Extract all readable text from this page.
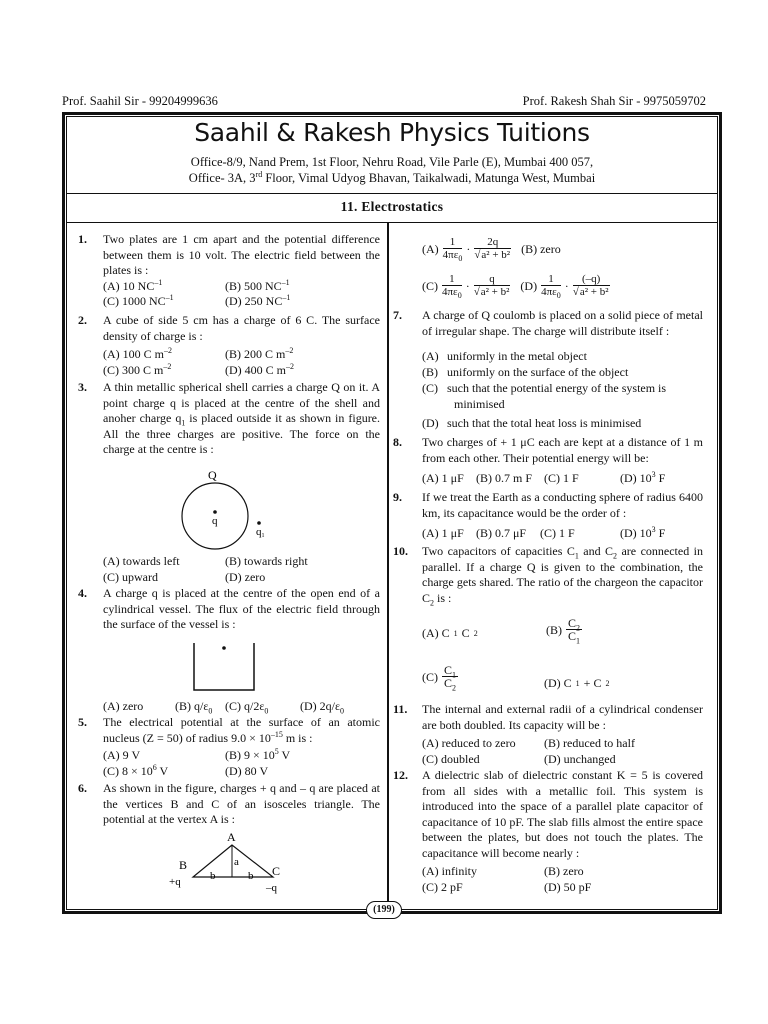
Prof. Saahil Sir - 99204999636	Prof. Rakesh Shah Sir - 9975059702
Saahil & Rakesh Physics Tuitions
Office-8/9, Nand Prem, 1st Floor, Nehru Road, Vile Parle (E), Mumbai 400 057,
Office- 3A, 3rd Floor, Vimal Udyog Bhavan, Taikalwadi, Matunga West, Mumbai
11. Electrostatics
1. Two plates are 1 cm apart and the potential difference between them is 10 volt. The electric field between the plates is :
(A) 10 $NC^{-1}$	(B) 500 $NC^{-1}$
(C) 1000 $NC^{-1}$	(D) 250 $NC^{-1}$
2. A cube of side 5 cm has a charge of 6 C. The surface density of charge is :
(A) 100 C $m^{-2}$	(B) 200 C $m^{-2}$
(C) 300 C $m^{-2}$	(D) 400 C $m^{-2}$
3. A thin metallic spherical shell carries a charge Q on it. A point charge q is placed at the centre of the shell and anoher charge $q_1$ is placed outside it as shown in figure. All the three charges are positive. The force on the charge at the centre is :
Q
q
q1
(A) towards left	(B) towards right
(C) upward	(D) zero
4. A charge q is placed at the centre of the open end of a cylindrical vessel. The flux of the electric field through the surface of the vessel is :
(A) zero	(B) $q/\varepsilon_0$ (C) $q/2\varepsilon_0$	(D) $2q/\varepsilon_0$
5. The electrical potential at the surface of an atomic nucleus (Z = 50) of radius $9.0 \times 10^{-15}$ m is :
(A) 9 V	(B) $9 \times 10^5$ V
(C) $8 \times 10^6$ V	(D) 80 V
6. As shown in the figure, charges + q and – q are placed at the vertices B and C of an isosceles triangle. The potential at the vertex A is :
A
a
b	b
B	C
+q	–q
$(A) \frac{1}{4\pi\varepsilon_0} \cdot \frac{2q}{\text{√a² + b²}} (B)$ zero
$(C) \frac{1}{4\pi\varepsilon_0} \cdot \frac{q}{\text{√a² + b²}} (D) \frac{1}{4\pi\varepsilon_0} \cdot \frac{(-q)}{\text{√a² + b²}}$
7. A charge of Q coulomb is placed on a solid piece of metal of irregular shape. The charge will distribute itself :
(A) uniformly in the metal object
(B) uniformly on the surface of the object
(C) such that the potential energy of the system is
minimised
(D) such that the total heat loss is minimised
8. Two charges of + 1 μC each are kept at a distance of 1 m from each other. Their potential energy will be:
(A) 1 μF (B) 0.7 m F (C) 1 F	(D) $10^3$ F
9. If we treat the Earth as a conducting sphere of radius 6400 km, its capacitance would be the order of :
(A) 1 μF (B) 0.7 μF (C) 1 F	(D) $10^3$ F
10. Two capacitors of capacities $C_1$ and $C_2$ are connected in parallel. If a charge Q is given to the combination, the charge gets shared. The ratio of the chargeon the capacitor $C_2$ is :
(A) C 1 C 2	$(B) \frac{C_2}{C_1}$
$(C) \frac{C_1}{C_2}$	(D) C 1 + C 2
11. The internal and external radii of a cylindrical condenser are both doubled. Its capacity will be :
(A) reduced to zero (B) reduced to half
(C) doubled	(D) unchanged
12. A dielectric slab of dielectric constant K = 5 is covered from all sides with a metallic foil. This system is introduced into the space of a parallel plate capacitor of capacitance of 10 pF. The slab fills almost the entire space between the plates, but does not touch the plates. The capacitance will become nearly :
(A) infinity	(B) zero
(C) 2 pF	(D) 50 pF
(199)
